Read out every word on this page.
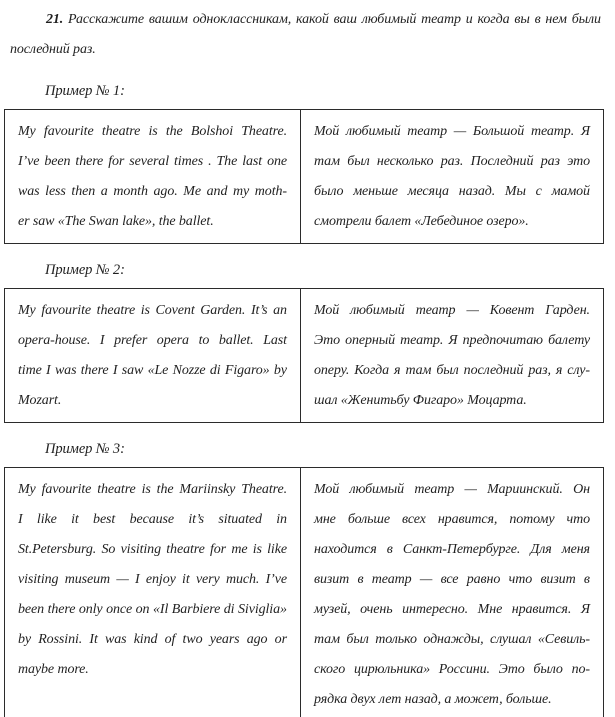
21. Расскажите вашим одноклассникам, какой ваш любимый театр и когда вы в нем были
последний раз.
Пример № 1:
My favourite theatre is the Bolshoi Theatre.
I’ve been there for several times . The last one
was less then a month ago. Me and my moth-
er saw «The Swan lake», the ballet.
Мой любимый театр — Большой театр. Я
там был несколько раз. Последний раз это
было меньше месяца назад. Мы с мамой
смотрели балет «Лебединое озеро».
Пример № 2:
My favourite theatre is Covent Garden. It’s an
opera-house. I prefer opera to ballet. Last
time I was there I saw «Le Nozze di Figaro» by
Mozart.
Мой любимый театр — Ковент Гарден.
Это оперный театр. Я предпочитаю балету
оперу. Когда я там был последний раз, я слу-
шал «Женитьбу Фигаро» Моцарта.
Пример № 3:
My favourite theatre is the Mariinsky Theatre.
I like it best because it’s situated in
St.Petersburg. So visiting theatre for me is like
visiting museum — I enjoy it very much. I’ve
been there only once on «Il Barbiere di Siviglia»
by Rossini. It was kind of two years ago or
maybe more.
Мой любимый театр — Мариинский. Он
мне больше всех нравится, потому что
находится в Санкт-Петербурге. Для меня
визит в театр — все равно что визит в
музей, очень интересно. Мне нравится. Я
там был только однажды, слушал «Севиль-
ского цирюльника» Россини. Это было по-
рядка двух лет назад, а может, больше.
